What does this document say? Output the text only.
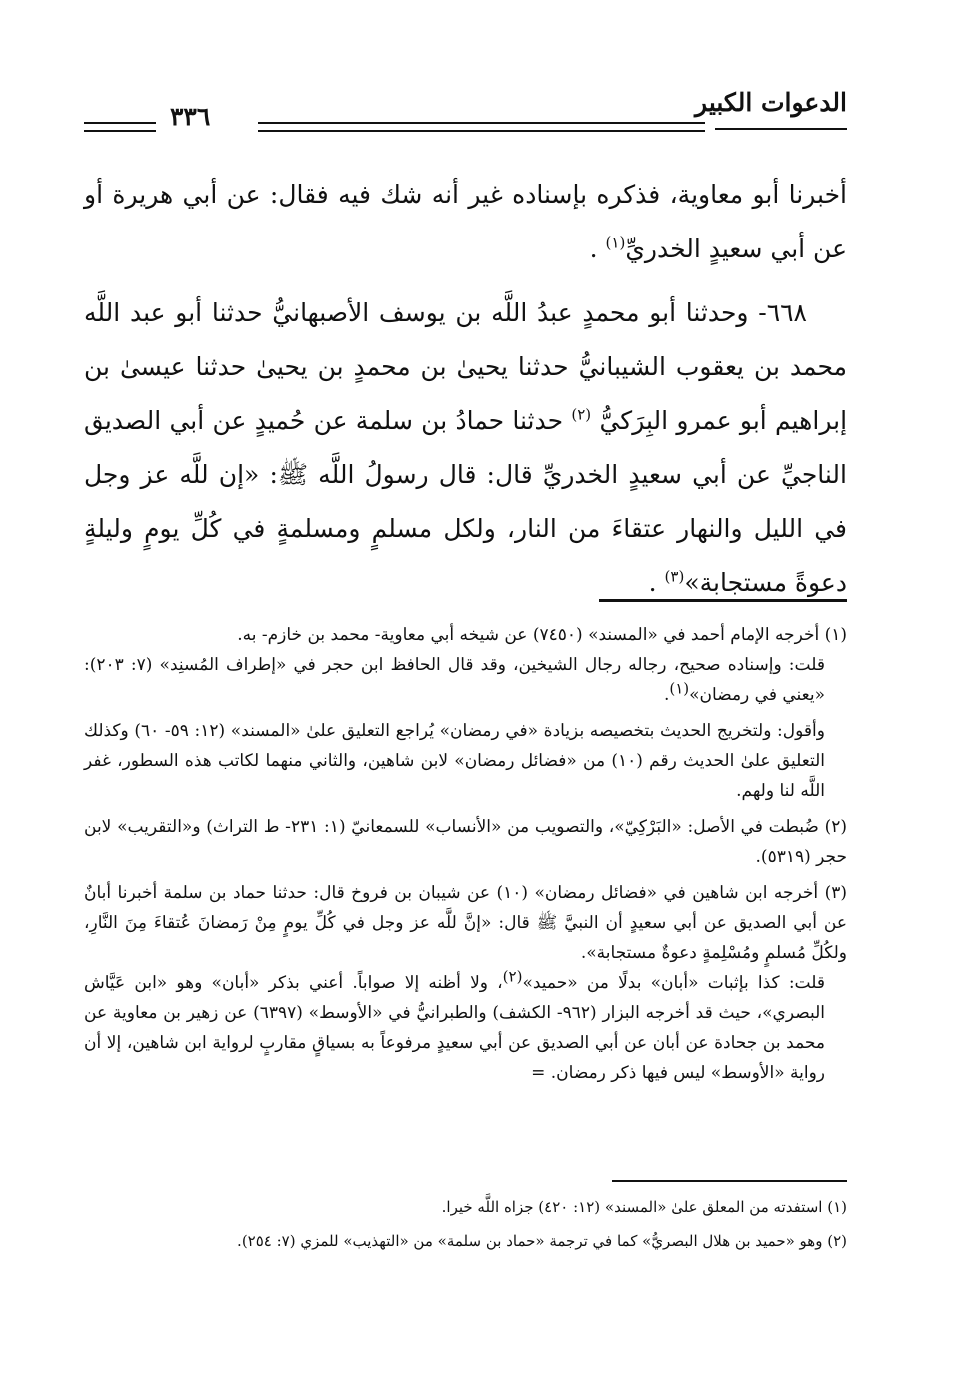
الدعوات الكبير
٣٣٦

أخبرنا أبو معاوية، فذكره بإسناده غير أنه شك فيه فقال: عن أبي هريرة أو عن أبي سعيدٍ الخدريِّ$^{(١)}$ .

٦٦٨- وحدثنا أبو محمدٍ عبدُ اللَّه بن يوسف الأصبهانيُّ حدثنا أبو عبد اللَّه محمد بن يعقوب الشيبانيُّ حدثنا يحيىٰ بن محمدٍ بن يحيىٰ حدثنا عيسىٰ بن إبراهيم أبو عمرو البِرَكيُّ $^{(٢)}$ حدثنا حمادُ بن سلمة عن حُميدٍ عن أبي الصديق الناجيِّ عن أبي سعيدٍ الخدريِّ قال: قال رسولُ اللَّه ﷺ: «إن للَّه عز وجل في الليل والنهار عتقاءَ من النار، ولكل مسلمٍ ومسلمةٍ في كُلِّ يومٍ وليلةٍ دعوةً مستجابة»$^{(٣)}$ .

(١) أخرجه الإمام أحمد في «المسند» (٧٤٥٠) عن شيخه أبي معاوية- محمد بن خازم- به.

قلت: وإسناده صحيح، رجاله رجال الشيخين، وقد قال الحافظ ابن حجر في «إطراف المُسنِد» (٧: ٢٠٣): «يعني في رمضان»$^{(١)}$.

وأقول: ولتخريج الحديث بتخصيصه بزيادة «في رمضان» يُراجع التعليق علىٰ «المسند» (١٢: ٥٩- ٦٠) وكذلك التعليق علىٰ الحديث رقم (١٠) من «فضائل رمضان» لابن شاهين، والثاني منهما لكاتب هذه السطور، غفر اللَّه لنا ولهم.

(٢) ضُبطت في الأصل: «البَرْكِيّ»، والتصويب من «الأنساب» للسمعانيّ (١: ٢٣١- ط التراث) و«التقريب» لابن حجر (٥٣١٩).

(٣) أخرجه ابن شاهين في «فضائل رمضان» (١٠) عن شيبان بن فروخ قال: حدثنا حماد بن سلمة أخبرنا أبانٌ عن أبي الصديق عن أبي سعيدٍ أن النبيَّ ﷺ قال: «إنَّ للَّه عز وجل في كُلِّ يومٍ مِنْ رَمضانَ عُتقاءَ مِنَ النَّارِ، ولكُلِّ مُسلمٍ ومُسْلِمةٍ دعوةٌ مستجابة».

قلت: كذا بإثبات «أبان» بدلًا من «حميد»$^{(٢)}$، ولا أظنه إلا صواباً. أعني بذكر «أبان» وهو «ابن عَيَّاش البصري»، حيث قد أخرجه البزار (٩٦٢- الكشف) والطبرانيُّ في «الأوسط» (٦٣٩٧) عن زهير بن معاوية عن محمد بن جحادة عن أبان عن أبي الصديق عن أبي سعيدٍ مرفوعاً به بسياقٍ مقاربٍ لرواية ابن شاهين، إلا أن رواية «الأوسط» ليس فيها ذكر رمضان. =

(١) استفدته من المعلق علىٰ «المسند» (١٢: ٤٢٠) جزاه اللَّه خيرا.

(٢) وهو «حميد بن هلال البصريُّ» كما في ترجمة «حماد بن سلمة» من «التهذيب» للمزي (٧: ٢٥٤).
